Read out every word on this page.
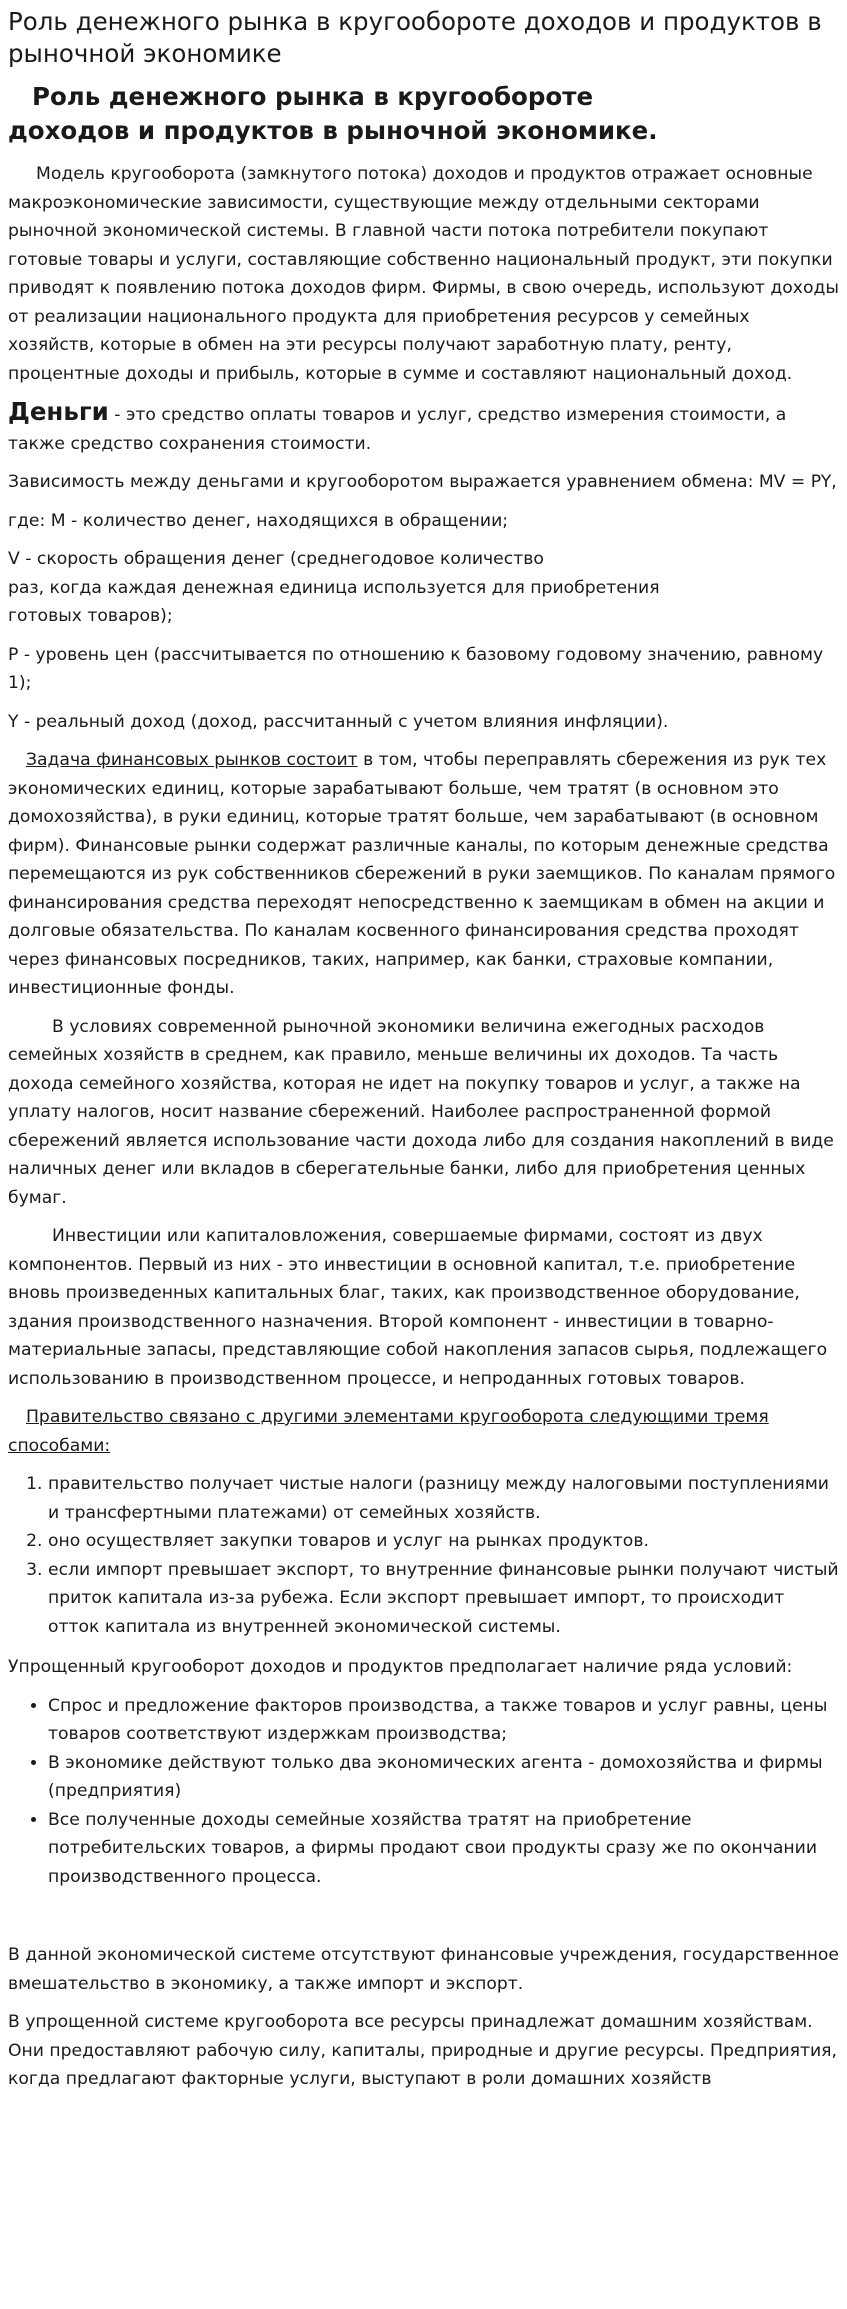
Роль денежного рынка в кругообороте доходов и продуктов в рыночной экономике
Роль денежного рынка в кругообороте
доходов и продуктов в рыночной экономике.

Модель кругооборота (замкнутого потока) доходов и продуктов отражает основные макроэкономические зависимости, существующие между отдельными секторами рыночной экономической системы. В главной части потока потребители покупают готовые товары и услуги, составляющие собственно национальный продукт, эти покупки приводят к появлению потока доходов фирм. Фирмы, в свою очередь, используют доходы от реализации национального продукта для приобретения ресурсов у семейных хозяйств, которые в обмен на эти ресурсы получают заработную плату, ренту, процентные доходы и прибыль, которые в сумме и составляют национальный доход.

Деньги - это средство оплаты товаров и услуг, средство измерения стоимости, а также средство сохранения стоимости.

Зависимость между деньгами и кругооборотом выражается уравнением обмена: MV = PY,

где: M - количество денег, находящихся в обращении;

V - скорость обращения денег (среднегодовое количество
раз, когда каждая денежная единица используется для приобретения
готовых товаров);

P - уровень цен (рассчитывается по отношению к базовому годовому значению, равному 1);

Y - реальный доход (доход, рассчитанный с учетом влияния инфляции).

Задача финансовых рынков состоит в том, чтобы переправлять сбережения из рук тех экономических единиц, которые зарабатывают больше, чем тратят (в основном это домохозяйства), в руки единиц, которые тратят больше, чем зарабатывают (в основном фирм). Финансовые рынки содержат различные каналы, по которым денежные средства перемещаются из рук собственников сбережений в руки заемщиков. По каналам прямого финансирования средства переходят непосредственно к заемщикам в обмен на акции и долговые обязательства. По каналам косвенного финансирования средства проходят через финансовых посредников, таких, например, как банки, страховые компании, инвестиционные фонды.

В условиях современной рыночной экономики величина ежегодных расходов семейных хозяйств в среднем, как правило, меньше величины их доходов. Та часть дохода семейного хозяйства, которая не идет на покупку товаров и услуг, а также на уплату налогов, носит название сбережений. Наиболее распространенной формой сбережений является использование части дохода либо для создания накоплений в виде наличных денег или вкладов в сберегательные банки, либо для приобретения ценных бумаг.

Инвестиции или капиталовложения, совершаемые фирмами, состоят из двух компонентов. Первый из них - это инвестиции в основной капитал, т.е. приобретение вновь произведенных капитальных благ, таких, как производственное оборудование, здания производственного назначения. Второй компонент - инвестиции в товарно-материальные запасы, представляющие собой накопления запасов сырья, подлежащего использованию в производственном процессе, и непроданных готовых товаров.

Правительство связано с другими элементами кругооборота следующими тремя способами:

1. правительство получает чистые налоги (разницу между налоговыми поступлениями и трансфертными платежами) от семейных хозяйств.
2. оно осуществляет закупки товаров и услуг на рынках продуктов.
3. если импорт превышает экспорт, то внутренние финансовые рынки получают чистый приток капитала из-за рубежа. Если экспорт превышает импорт, то происходит отток капитала из внутренней экономической системы.

Упрощенный кругооборот доходов и продуктов предполагает наличие ряда условий:

• Спрос и предложение факторов производства, а также товаров и услуг равны, цены товаров соответствуют издержкам производства;
• В экономике действуют только два экономических агента - домохозяйства и фирмы (предприятия)
• Все полученные доходы семейные хозяйства тратят на приобретение потребительских товаров, а фирмы продают свои продукты сразу же по окончании производственного процесса.

В данной экономической системе отсутствуют финансовые учреждения, государственное вмешательство в экономику, а также импорт и экспорт.

В упрощенной системе кругооборота все ресурсы принадлежат домашним хозяйствам. Они предоставляют рабочую силу, капиталы, природные и другие ресурсы. Предприятия, когда предлагают факторные услуги, выступают в роли домашних хозяйств
